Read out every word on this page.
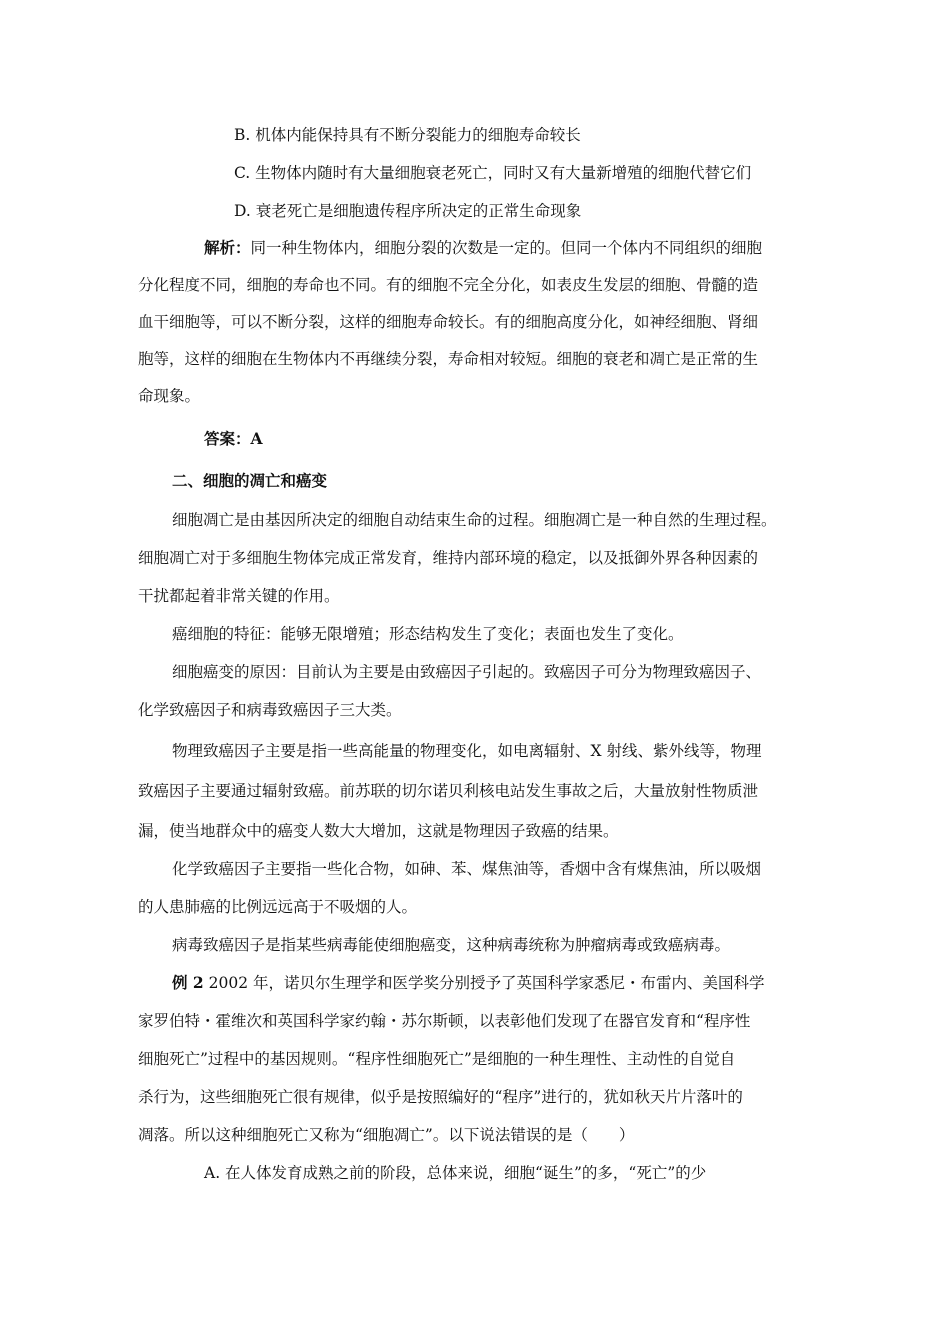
B. 机体内能保持具有不断分裂能力的细胞寿命较长
C. 生物体内随时有大量细胞衰老死亡，同时又有大量新增殖的细胞代替它们
D. 衰老死亡是细胞遗传程序所决定的正常生命现象
解析：同一种生物体内，细胞分裂的次数是一定的。但同一个体内不同组织的细胞
分化程度不同，细胞的寿命也不同。有的细胞不完全分化，如表皮生发层的细胞、骨髓的造
血干细胞等，可以不断分裂，这样的细胞寿命较长。有的细胞高度分化，如神经细胞、肾细
胞等，这样的细胞在生物体内不再继续分裂，寿命相对较短。细胞的衰老和凋亡是正常的生
命现象。
答案：A
二、细胞的凋亡和癌变
细胞凋亡是由基因所决定的细胞自动结束生命的过程。细胞凋亡是一种自然的生理过程。
细胞凋亡对于多细胞生物体完成正常发育，维持内部环境的稳定，以及抵御外界各种因素的
干扰都起着非常关键的作用。
癌细胞的特征：能够无限增殖；形态结构发生了变化；表面也发生了变化。
细胞癌变的原因：目前认为主要是由致癌因子引起的。致癌因子可分为物理致癌因子、
化学致癌因子和病毒致癌因子三大类。
物理致癌因子主要是指一些高能量的物理变化，如电离辐射、X 射线、紫外线等，物理
致癌因子主要通过辐射致癌。前苏联的切尔诺贝利核电站发生事故之后，大量放射性物质泄
漏，使当地群众中的癌变人数大大增加，这就是物理因子致癌的结果。
化学致癌因子主要指一些化合物，如砷、苯、煤焦油等，香烟中含有煤焦油，所以吸烟
的人患肺癌的比例远远高于不吸烟的人。
病毒致癌因子是指某些病毒能使细胞癌变，这种病毒统称为肿瘤病毒或致癌病毒。
例 2 2002 年，诺贝尔生理学和医学奖分别授予了英国科学家悉尼・布雷内、美国科学
家罗伯特・霍维次和英国科学家约翰・苏尔斯顿，以表彰他们发现了在器官发育和“程序性
细胞死亡”过程中的基因规则。“程序性细胞死亡”是细胞的一种生理性、主动性的自觉自
杀行为，这些细胞死亡很有规律，似乎是按照编好的“程序”进行的，犹如秋天片片落叶的
凋落。所以这种细胞死亡又称为“细胞凋亡”。以下说法错误的是（　　）
A. 在人体发育成熟之前的阶段，总体来说，细胞“诞生”的多，“死亡”的少
